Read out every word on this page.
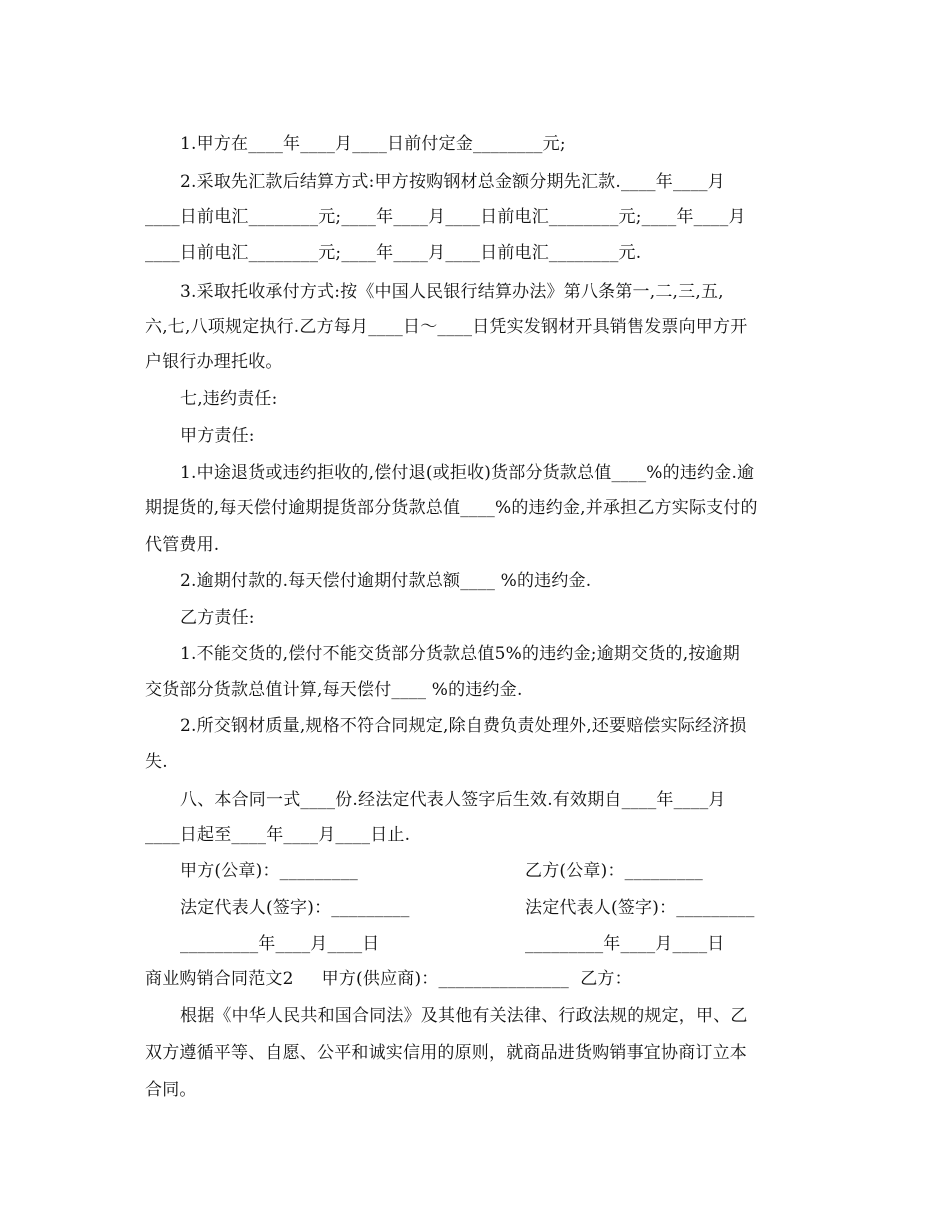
1.甲方在____年____月____日前付定金________元;
2.采取先汇款后结算方式:甲方按购钢材总金额分期先汇款.____年____月
____日前电汇________元;____年____月____日前电汇________元;____年____月
____日前电汇________元;____年____月____日前电汇________元.
3.采取托收承付方式:按《中国人民银行结算办法》第八条第一,二,三,五,
六,七,八项规定执行.乙方每月____日～____日凭实发钢材开具销售发票向甲方开
户银行办理托收。
七,违约责任:
甲方责任:
1.中途退货或违约拒收的,偿付退(或拒收)货部分货款总值____%的违约金.逾
期提货的,每天偿付逾期提货部分货款总值____%的违约金,并承担乙方实际支付的
代管费用.
2.逾期付款的.每天偿付逾期付款总额____ %的违约金.
乙方责任:
1.不能交货的,偿付不能交货部分货款总值5%的违约金;逾期交货的,按逾期
交货部分货款总值计算,每天偿付____ %的违约金.
2.所交钢材质量,规格不符合同规定,除自费负责处理外,还要赔偿实际经济损
失.
八、本合同一式____份.经法定代表人签字后生效.有效期自____年____月
____日起至____年____月____日止.
甲方(公章)：_________	乙方(公章)：_________
法定代表人(签字)：_________	法定代表人(签字)：_________
_________年____月____日	_________年____月____日
商业购销合同范文2     甲方(供应商)：_______________  乙方：
根据《中华人民共和国合同法》及其他有关法律、行政法规的规定，甲、乙
双方遵循平等、自愿、公平和诚实信用的原则，就商品进货购销事宜协商订立本
合同。
